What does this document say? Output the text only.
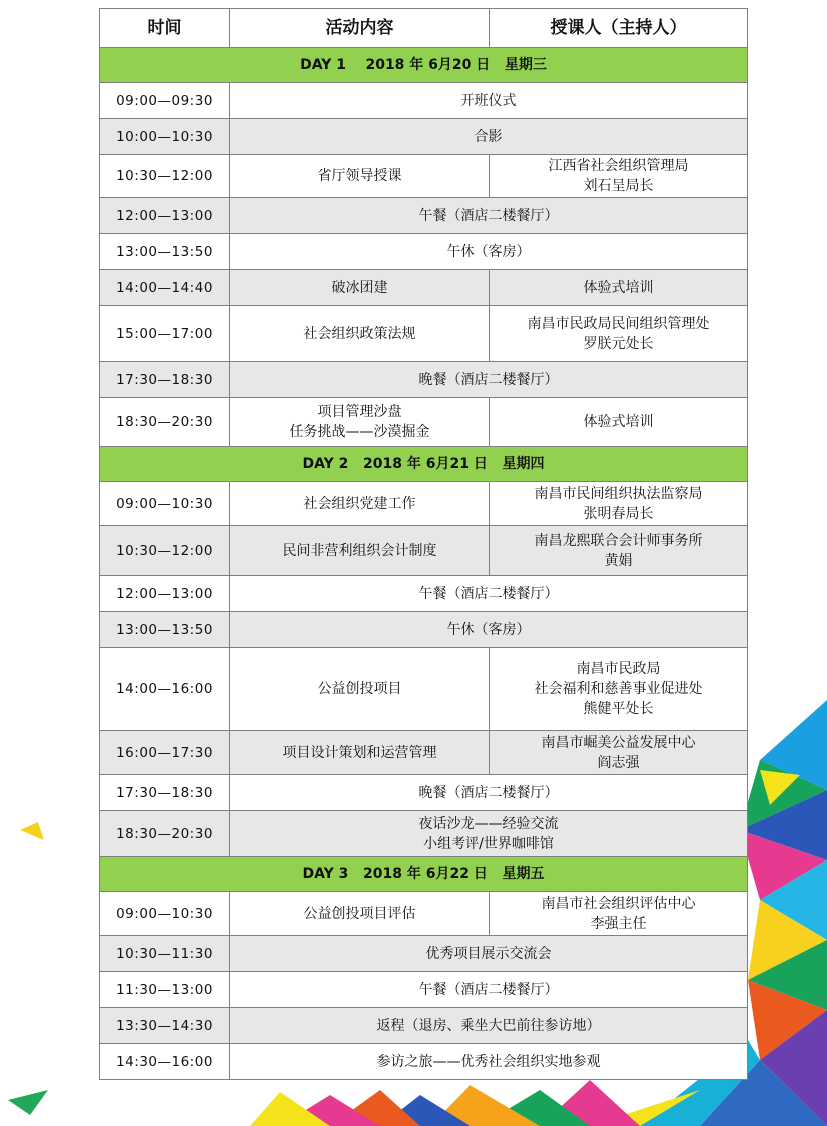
时间	活动内容	授课人（主持人）
DAY 1    2018 年 6月20 日   星期三		
09:00—09:30	开班仪式	
10:00—10:30	合影	
10:30—12:00	省厅领导授课	江西省社会组织管理局
刘石呈局长
12:00—13:00	午餐（酒店二楼餐厅）	
13:00—13:50	午休（客房）	
14:00—14:40	破冰团建	体验式培训
15:00—17:00	社会组织政策法规	南昌市民政局民间组织管理处
罗朕元处长
17:30—18:30	晚餐（酒店二楼餐厅）	
18:30—20:30	项目管理沙盘
任务挑战——沙漠掘金	体验式培训
DAY 2   2018 年 6月21 日   星期四		
09:00—10:30	社会组织党建工作	南昌市民间组织执法监察局
张明春局长
10:30—12:00	民间非营利组织会计制度	南昌龙熙联合会计师事务所
黄娟
12:00—13:00	午餐（酒店二楼餐厅）	
13:00—13:50	午休（客房）	
14:00—16:00	公益创投项目	南昌市民政局
社会福利和慈善事业促进处
熊健平处长
16:00—17:30	项目设计策划和运营管理	南昌市崛美公益发展中心
阎志强
17:30—18:30	晚餐（酒店二楼餐厅）	
18:30—20:30	夜话沙龙——经验交流
小组考评/世界咖啡馆	
DAY 3   2018 年 6月22 日   星期五		
09:00—10:30	公益创投项目评估	南昌市社会组织评估中心
李强主任
10:30—11:30	优秀项目展示交流会	
11:30—13:00	午餐（酒店二楼餐厅）	
13:30—14:30	返程（退房、乘坐大巴前往参访地）	
14:30—16:00	参访之旅——优秀社会组织实地参观	
